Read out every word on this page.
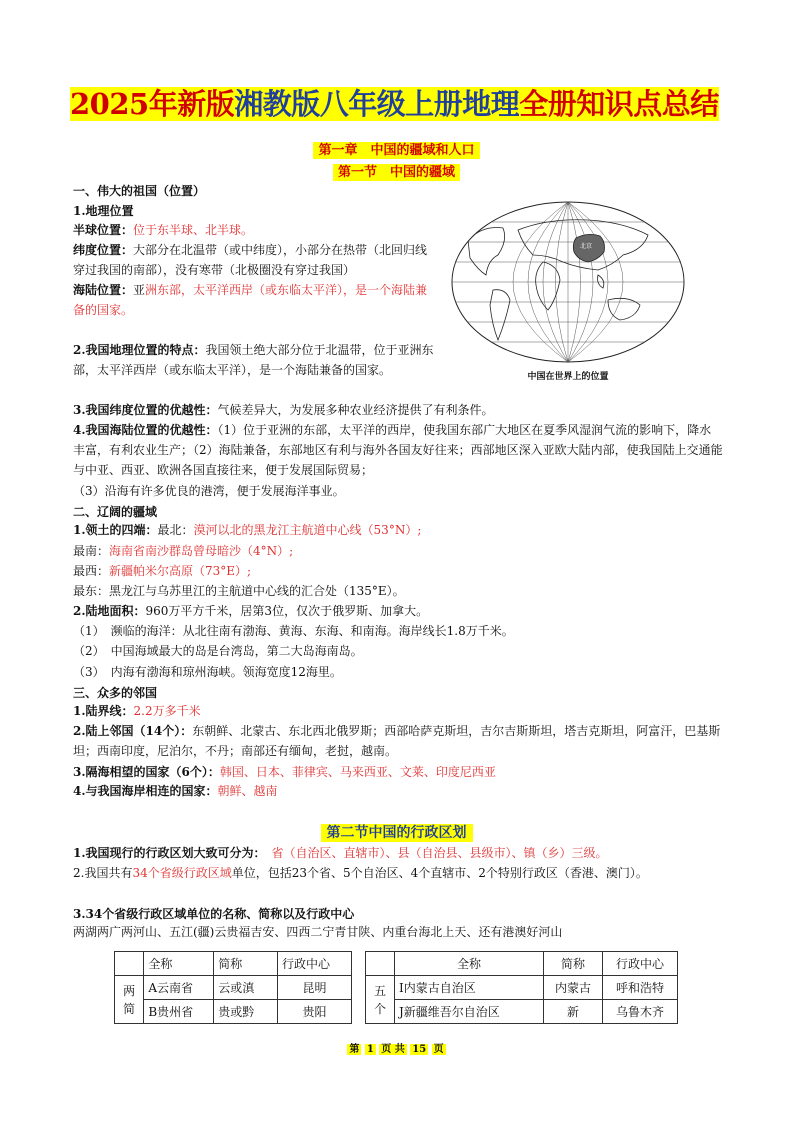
2025年新版湘教版八年级上册地理全册知识点总结
第一章　中国的疆域和人口
第一节　中国的疆域
一、伟大的祖国（位置）
1.地理位置
半球位置：位于东半球、北半球。
纬度位置：大部分在北温带（或中纬度），小部分在热带（北回归线穿过我国的南部），没有寒带（北极圈没有穿过我国）
海陆位置：亚洲东部，太平洋西岸（或东临太平洋），是一个海陆兼备的国家。
2.我国地理位置的特点：我国领土绝大部分位于北温带，位于亚洲东部，太平洋西岸（或东临太平洋），是一个海陆兼备的国家。
3.我国纬度位置的优越性：气候差异大，为发展多种农业经济提供了有利条件。
4.我国海陆位置的优越性：（1）位于亚洲的东部，太平洋的西岸，使我国东部广大地区在夏季风湿润气流的影响下，降水丰富，有利农业生产；（2）海陆兼备，东部地区有利与海外各国友好往来；西部地区深入亚欧大陆内部，使我国陆上交通能与中亚、西亚、欧洲各国直接往来，便于发展国际贸易；
（3）沿海有许多优良的港湾，便于发展海洋事业。
北京
中国在世界上的位置
二、辽阔的疆域
1.领土的四端：最北：漠河以北的黑龙江主航道中心线（53°N）;
最南：海南省南沙群岛曾母暗沙（4°N）;
最西：新疆帕米尔高原（73°E）;
最东：黑龙江与乌苏里江的主航道中心线的汇合处（135°E）。
2.陆地面积：960万平方千米，居第3位，仅次于俄罗斯、加拿大。
（1）　濒临的海洋：从北往南有渤海、黄海、东海、和南海。海岸线长1.8万千米。
（2）　中国海域最大的岛是台湾岛，第二大岛海南岛。
（3）　内海有渤海和琼州海峡。领海宽度12海里。
三、众多的邻国
1.陆界线：2.2万多千米
2.陆上邻国（14个）：东朝鲜、北蒙古、东北西北俄罗斯；西部哈萨克斯坦，吉尔吉斯斯坦，塔吉克斯坦，阿富汗，巴基斯坦；西南印度，尼泊尔，不丹；南部还有缅甸，老挝，越南。
3.隔海相望的国家（6个）：韩国、日本、菲律宾、马来西亚、文莱、印度尼西亚
4.与我国海岸相连的国家：朝鲜、越南
第二节中国的行政区划
1.我国现行的行政区划大致可分为：　 省（自治区、直辖市）、县（自治县、县级市）、镇（乡）三级。
2.我国共有34个省级行政区域单位，包括23个省、5个自治区、4个直辖市、2个特别行政区（香港、澳门）。
3.34个省级行政区域单位的名称、简称以及行政中心
两湖两广两河山、五江(疆)云贵福吉安、四西二宁青甘陕、内重台海北上天、还有港澳好河山
	全称	简称	行政中心
两简	A云南省	云或滇	昆明
	B贵州省	贵或黔	贵阳
	全称	简称	行政中心
五个	I内蒙古自治区	内蒙古	呼和浩特
	J新疆维吾尔自治区	新	乌鲁木齐
第 1 页 共 15 页
